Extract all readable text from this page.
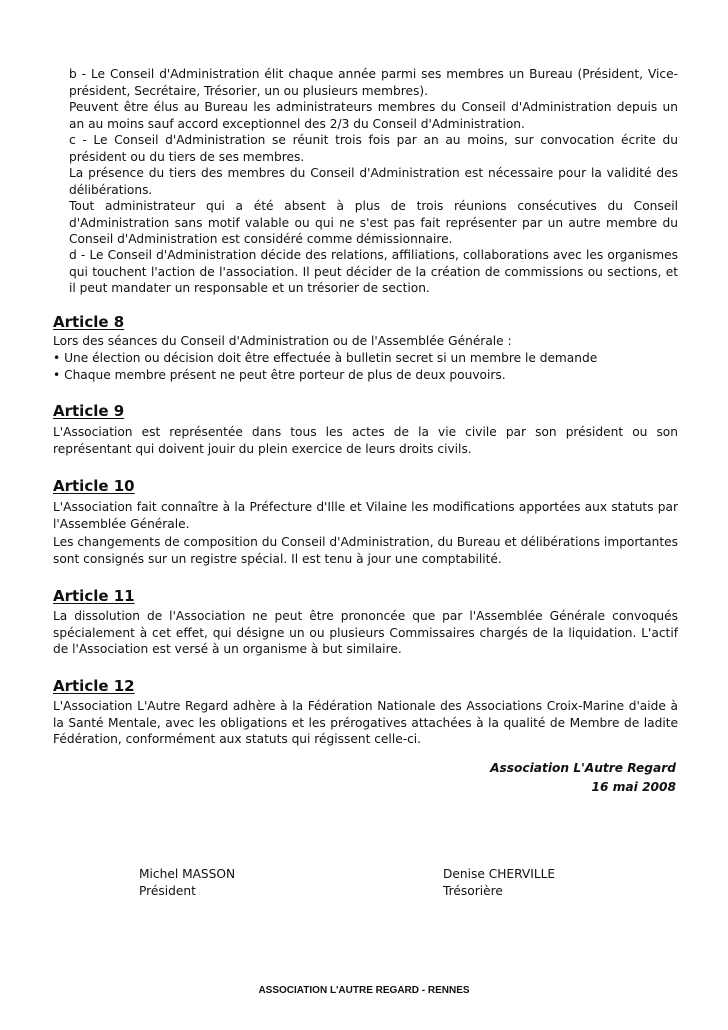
b - Le Conseil d'Administration élit chaque année parmi ses membres un Bureau (Président, Vice-président, Secrétaire, Trésorier, un ou plusieurs membres).

Peuvent être élus au Bureau les administrateurs membres du Conseil d'Administration depuis un an au moins sauf accord exceptionnel des 2/3 du Conseil d'Administration.

c - Le Conseil d'Administration se réunit trois fois par an au moins, sur convocation écrite du président ou du tiers de ses membres.

La présence du tiers des membres du Conseil d'Administration est nécessaire pour la validité des délibérations.

Tout administrateur qui a été absent à plus de trois réunions consécutives du Conseil d'Administration sans motif valable ou qui ne s'est pas fait représenter par un autre membre du Conseil d'Administration est considéré comme démissionnaire.

d - Le Conseil d'Administration décide des relations, affiliations, collaborations avec les organismes qui touchent l'action de l'association. Il peut décider de la création de commissions ou sections, et il peut mandater un responsable et un trésorier de section.

Article 8

Lors des séances du Conseil d'Administration ou de l'Assemblée Générale :

• Une élection ou décision doit être effectuée à bulletin secret si un membre le demande

• Chaque membre présent ne peut être porteur de plus de deux pouvoirs.

Article 9

L'Association est représentée dans tous les actes de la vie civile par son président ou son représentant qui doivent jouir du plein exercice de leurs droits civils.

Article 10

L'Association fait connaître à la Préfecture d'Ille et Vilaine les modifications apportées aux statuts par l'Assemblée Générale.

Les changements de composition du Conseil d'Administration, du Bureau et délibérations importantes sont consignés sur un registre spécial. Il est tenu à jour une comptabilité.

Article 11

La dissolution de l'Association ne peut être prononcée que par l'Assemblée Générale convoqués spécialement à cet effet, qui désigne un ou plusieurs Commissaires chargés de la liquidation. L'actif de l'Association est versé à un organisme à but similaire.

Article 12

L'Association L'Autre Regard adhère à la Fédération Nationale des Associations Croix-Marine d'aide à la Santé Mentale, avec les obligations et les prérogatives attachées à la qualité de Membre de ladite Fédération, conformément aux statuts qui régissent celle-ci.

Association L'Autre Regard
16 mai 2008
Michel MASSON
Président
Denise CHERVILLE
Trésorière
ASSOCIATION L'AUTRE REGARD - RENNES
